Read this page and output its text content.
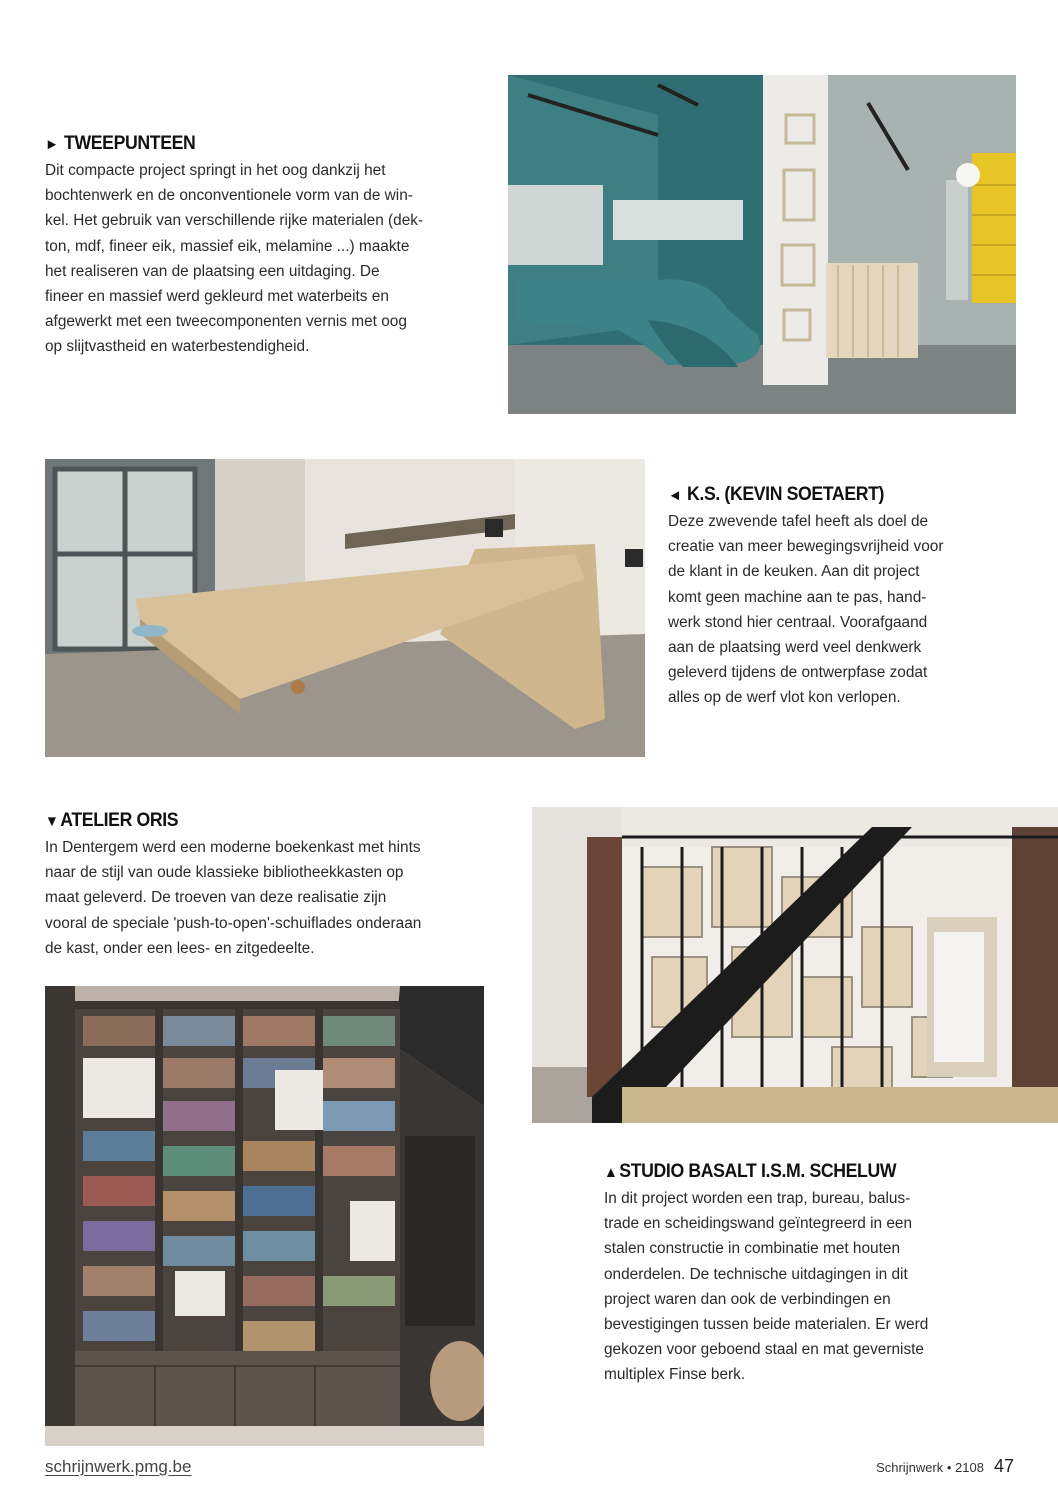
► TWEEPUNTEEN

Dit compacte project springt in het oog dankzij het
bochtenwerk en de onconventionele vorm van de win-
kel. Het gebruik van verschillende rijke materialen (dek-
ton, mdf, fineer eik, massief eik, melamine ...) maakte
het realiseren van de plaatsing een uitdaging. De
fineer en massief werd gekleurd met waterbeits en
afgewerkt met een tweecomponenten vernis met oog
op slijtvastheid en waterbestendigheid.

◄ K.S. (KEVIN SOETAERT)

Deze zwevende tafel heeft als doel de
creatie van meer bewegingsvrijheid voor
de klant in de keuken. Aan dit project
komt geen machine aan te pas, hand-
werk stond hier centraal. Voorafgaand
aan de plaatsing werd veel denkwerk
geleverd tijdens de ontwerpfase zodat
alles op de werf vlot kon verlopen.

▼ATELIER ORIS

In Dentergem werd een moderne boekenkast met hints
naar de stijl van oude klassieke bibliotheekkasten op
maat geleverd. De troeven van deze realisatie zijn
vooral de speciale 'push-to-open'-schuiflades onderaan
de kast, onder een lees- en zitgedeelte.

▲STUDIO BASALT I.S.M. SCHELUW

In dit project worden een trap, bureau, balus-
trade en scheidingswand geïntegreerd in een
stalen constructie in combinatie met houten
onderdelen. De technische uitdagingen in dit
project waren dan ook de verbindingen en
bevestigingen tussen beide materialen. Er werd
gekozen voor geboend staal en mat geverniste
multiplex Finse berk.

schrijnwerk.pmg.be	Schrijnwerk • 2108 47
